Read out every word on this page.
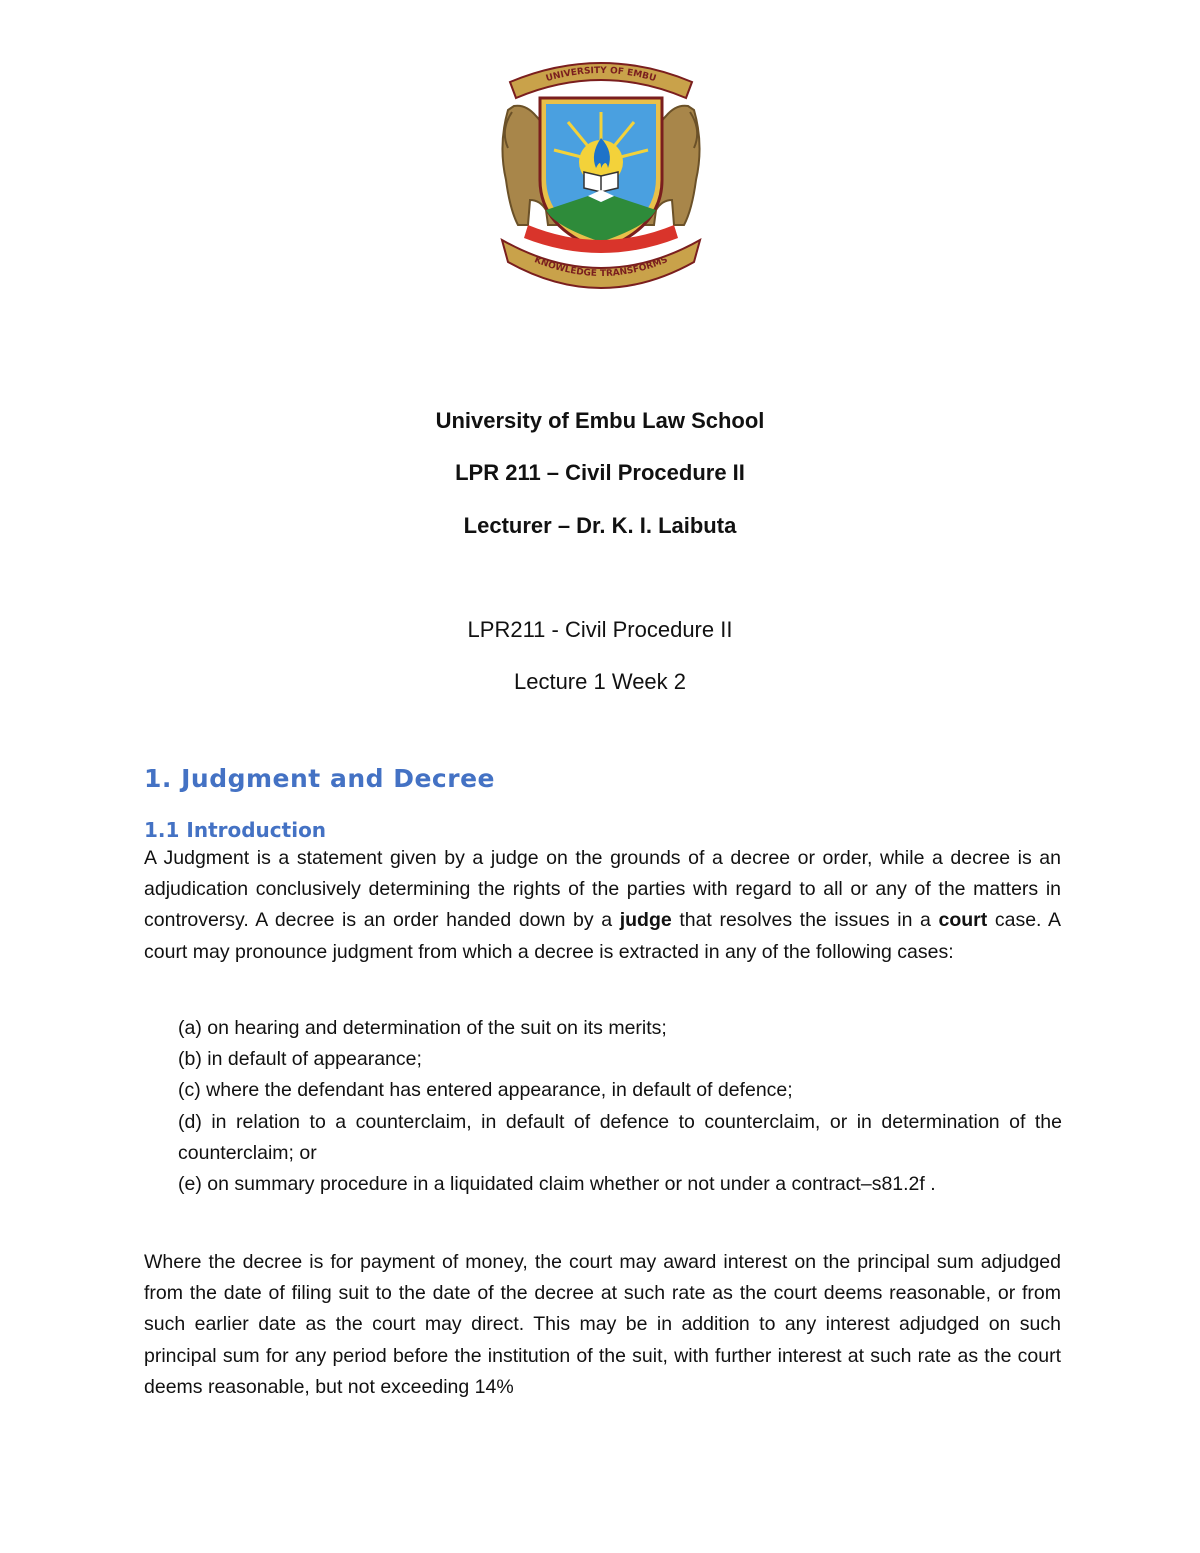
UNIVERSITY OF EMBU
KNOWLEDGE TRANSFORMS
University of Embu Law School
LPR 211 – Civil Procedure II
Lecturer – Dr. K. I. Laibuta
LPR211 - Civil Procedure II
Lecture 1 Week 2
1. Judgment and Decree
1.1 Introduction
A Judgment is a statement given by a judge on the grounds of a decree or order, while a decree is an adjudication conclusively determining the rights of the parties with regard to all or any of the matters in controversy. A decree is an order handed down by a judge that resolves the issues in a court case. A court may pronounce judgment from which a decree is extracted in any of the following cases:
(a) on hearing and determination of the suit on its merits;
(b) in default of appearance;
(c) where the defendant has entered appearance, in default of defence;
(d) in relation to a counterclaim, in default of defence to counterclaim, or in determination of the counterclaim; or
(e) on summary procedure in a liquidated claim whether or not under a contract–s81.2f .
Where the decree is for payment of money, the court may award interest on the principal sum adjudged from the date of filing suit to the date of the decree at such rate as the court deems reasonable, or from such earlier date as the court may direct. This may be in addition to any interest adjudged on such principal sum for any period before the institution of the suit, with further interest at such rate as the court deems reasonable, but not exceeding 14%
